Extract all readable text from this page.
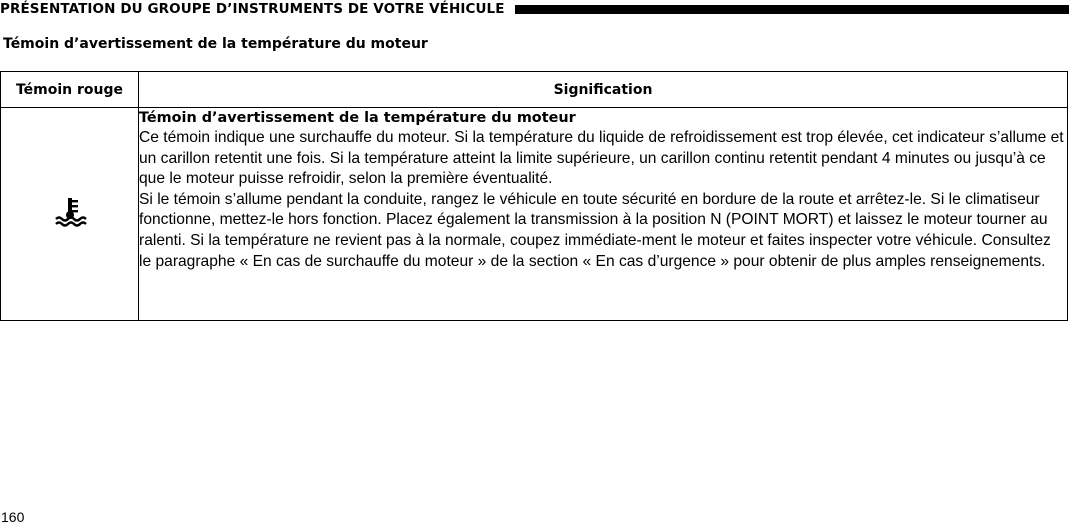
PRÉSENTATION DU GROUPE D’INSTRUMENTS DE VOTRE VÉHICULE
Témoin d’avertissement de la température du moteur
Témoin rouge	Signification

Témoin d’avertissement de la température du moteur
Ce témoin indique une surchauffe du moteur. Si la température du liquide de refroidissement est trop élevée, cet indicateur s’allume et un carillon retentit une fois. Si la température atteint la limite supérieure, un carillon continu retentit pendant 4 minutes ou jusqu’à ce que le moteur puisse refroidir, selon la première éventualité.
Si le témoin s’allume pendant la conduite, rangez le véhicule en toute sécurité en bordure de la route et arrêtez-le. Si le climatiseur fonctionne, mettez-le hors fonction. Placez également la transmission à la position N (POINT MORT) et laissez le moteur tourner au ralenti. Si la température ne revient pas à la normale, coupez immédiate-ment le moteur et faites inspecter votre véhicule. Consultez le paragraphe « En cas de surchauffe du moteur » de la section « En cas d’urgence » pour obtenir de plus amples renseignements.
160
